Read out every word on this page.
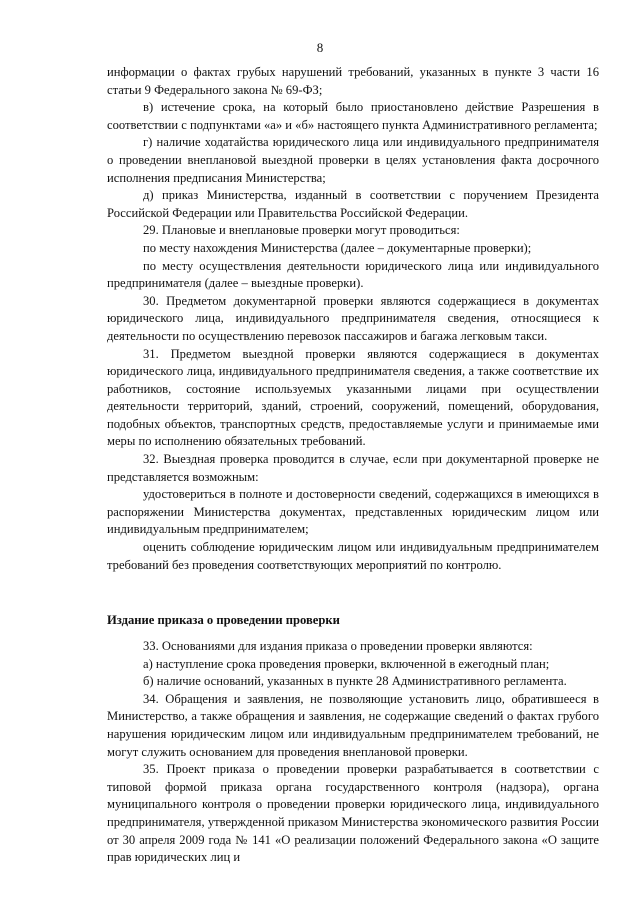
8

информации о фактах грубых нарушений требований, указанных в пункте 3 части 16 статьи 9 Федерального закона № 69-ФЗ;

в) истечение срока, на который было приостановлено действие Разрешения в соответствии с подпунктами «а» и «б» настоящего пункта Административного регламента;

г) наличие ходатайства юридического лица или индивидуального предпринимателя о проведении внеплановой выездной проверки в целях установления факта досрочного исполнения предписания Министерства;

д) приказ Министерства, изданный в соответствии с поручением Президента Российской Федерации или Правительства Российской Федерации.

29. Плановые и внеплановые проверки могут проводиться:

по месту нахождения Министерства (далее – документарные проверки);

по месту осуществления деятельности юридического лица или индивидуального предпринимателя (далее – выездные проверки).

30. Предметом документарной проверки являются содержащиеся в документах юридического лица, индивидуального предпринимателя сведения, относящиеся к деятельности по осуществлению перевозок пассажиров и багажа легковым такси.

31. Предметом выездной проверки являются содержащиеся в документах юридического лица, индивидуального предпринимателя сведения, а также соответствие их работников, состояние используемых указанными лицами при осуществлении деятельности территорий, зданий, строений, сооружений, помещений, оборудования, подобных объектов, транспортных средств, предоставляемые услуги и принимаемые ими меры по исполнению обязательных требований.

32. Выездная проверка проводится в случае, если при документарной проверке не представляется возможным:

удостовериться в полноте и достоверности сведений, содержащихся в имеющихся в распоряжении Министерства документах, представленных юридическим лицом или индивидуальным предпринимателем;

оценить соблюдение юридическим лицом или индивидуальным предпринимателем требований без проведения соответствующих мероприятий по контролю.

Издание приказа о проведении проверки

33. Основаниями для издания приказа о проведении проверки являются:

а) наступление срока проведения проверки, включенной в ежегодный план;

б) наличие оснований, указанных в пункте 28 Административного регламента.

34. Обращения и заявления, не позволяющие установить лицо, обратившееся в Министерство, а также обращения и заявления, не содержащие сведений о фактах грубого нарушения юридическим лицом или индивидуальным предпринимателем требований, не могут служить основанием для проведения внеплановой проверки.

35. Проект приказа о проведении проверки разрабатывается в соответствии с типовой формой приказа органа государственного контроля (надзора), органа муниципального контроля о проведении проверки юридического лица, индивидуального предпринимателя, утвержденной приказом Министерства экономического развития России от 30 апреля 2009 года № 141 «О реализации положений Федерального закона «О защите прав юридических лиц и
